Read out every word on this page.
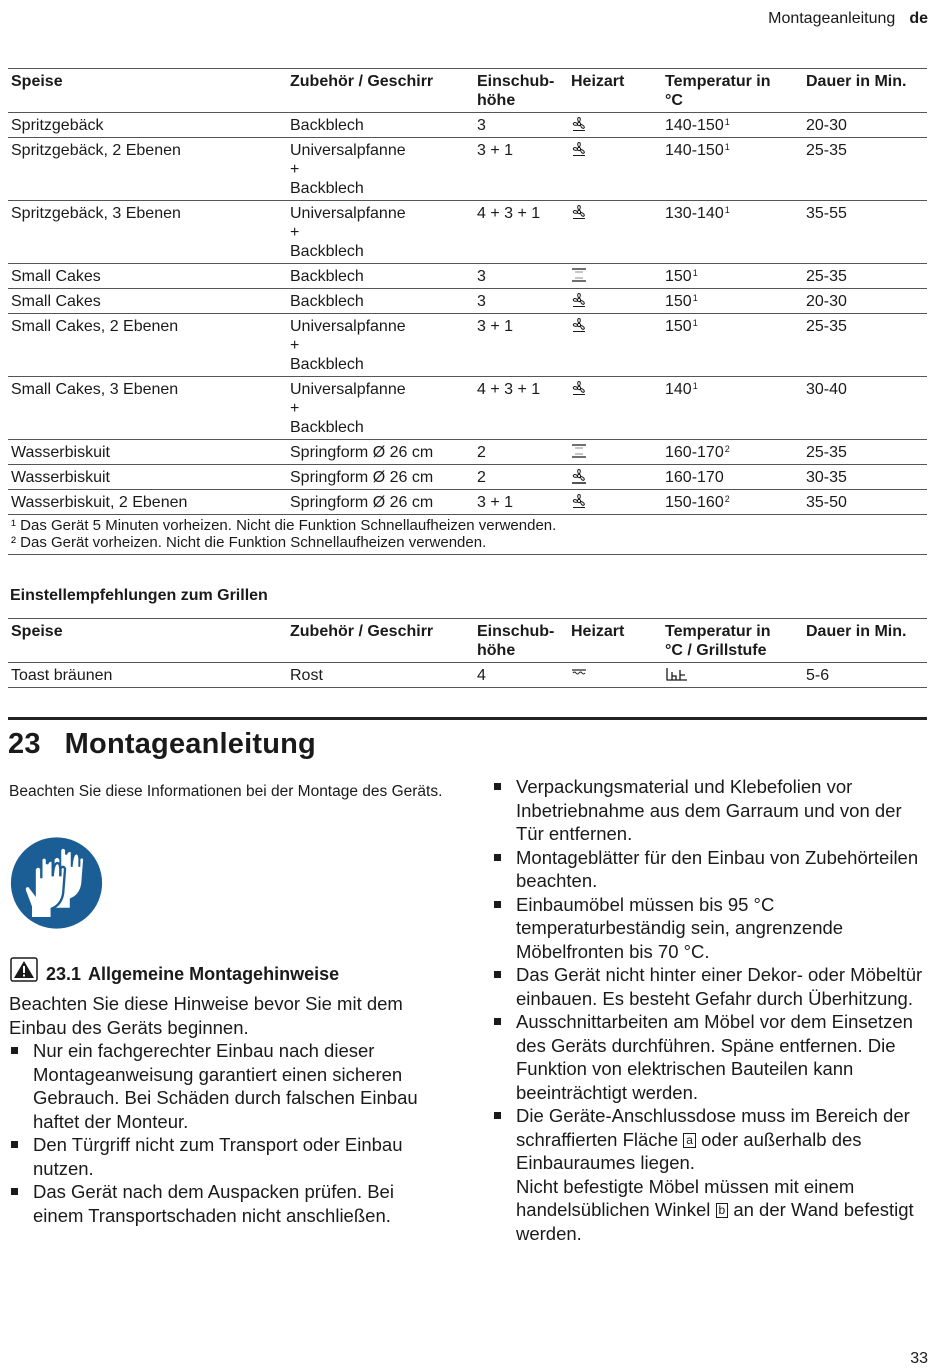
Montageanleitung de
Speise	Zubehör / Geschirr	Einschub-
höhe	Heizart	Temperatur in
°C	Dauer in Min.
Spritzgebäck	Backblech	3		$140-150^1$	20-30
Spritzgebäck, 2 Ebenen	Universalpfanne
+
Backblech	3 + 1		$140-150^1$	25-35
Spritzgebäck, 3 Ebenen	Universalpfanne
+
Backblech	4 + 3 + 1		$130-140^1$	35-55
Small Cakes	Backblech	3		$150^1$	25-35
Small Cakes	Backblech	3		$150^1$	20-30
Small Cakes, 2 Ebenen	Universalpfanne
+
Backblech	3 + 1		$150^1$	25-35
Small Cakes, 3 Ebenen	Universalpfanne
+
Backblech	4 + 3 + 1		$140^1$	30-40
Wasserbiskuit	Springform Ø 26 cm	2		$160-170^2$	25-35
Wasserbiskuit	Springform Ø 26 cm	2		160-170	30-35
Wasserbiskuit, 2 Ebenen	Springform Ø 26 cm	3 + 1		$150-160^2$	35-50

¹ Das Gerät 5 Minuten vorheizen. Nicht die Funktion Schnellaufheizen verwenden.
² Das Gerät vorheizen. Nicht die Funktion Schnellaufheizen verwenden.					
Einstellempfehlungen zum Grillen
Speise	Zubehör / Geschirr	Einschub-
höhe	Heizart	Temperatur in
°C / Grillstufe	Dauer in Min.
Toast bräunen	Rost	4			5-6
23 Montageanleitung
Beachten Sie diese Informationen bei der Montage des Geräts.
23.1 Allgemeine Montagehinweise
Beachten Sie diese Hinweise bevor Sie mit dem Einbau des Geräts beginnen.
Nur ein fachgerechter Einbau nach dieser Montageanweisung garantiert einen sicheren Gebrauch. Bei Schäden durch falschen Einbau haftet der Monteur.
Den Türgriff nicht zum Transport oder Einbau nutzen.
Das Gerät nach dem Auspacken prüfen. Bei einem Transportschaden nicht anschließen.
Verpackungsmaterial und Klebefolien vor Inbetriebnahme aus dem Garraum und von der Tür entfernen.
Montageblätter für den Einbau von Zubehörteilen beachten.
Einbaumöbel müssen bis 95 °C temperaturbeständig sein, angrenzende Möbelfronten bis 70 °C.
Das Gerät nicht hinter einer Dekor- oder Möbeltür einbauen. Es besteht Gefahr durch Überhitzung.
Ausschnittarbeiten am Möbel vor dem Einsetzen des Geräts durchführen. Späne entfernen. Die Funktion von elektrischen Bauteilen kann beeinträchtigt werden.
Die Geräte-Anschlussdose muss im Bereich der schraffierten Fläche a oder außerhalb des Einbauraumes liegen.
Nicht befestigte Möbel müssen mit einem handelsüblichen Winkel b an der Wand befestigt werden.
33
